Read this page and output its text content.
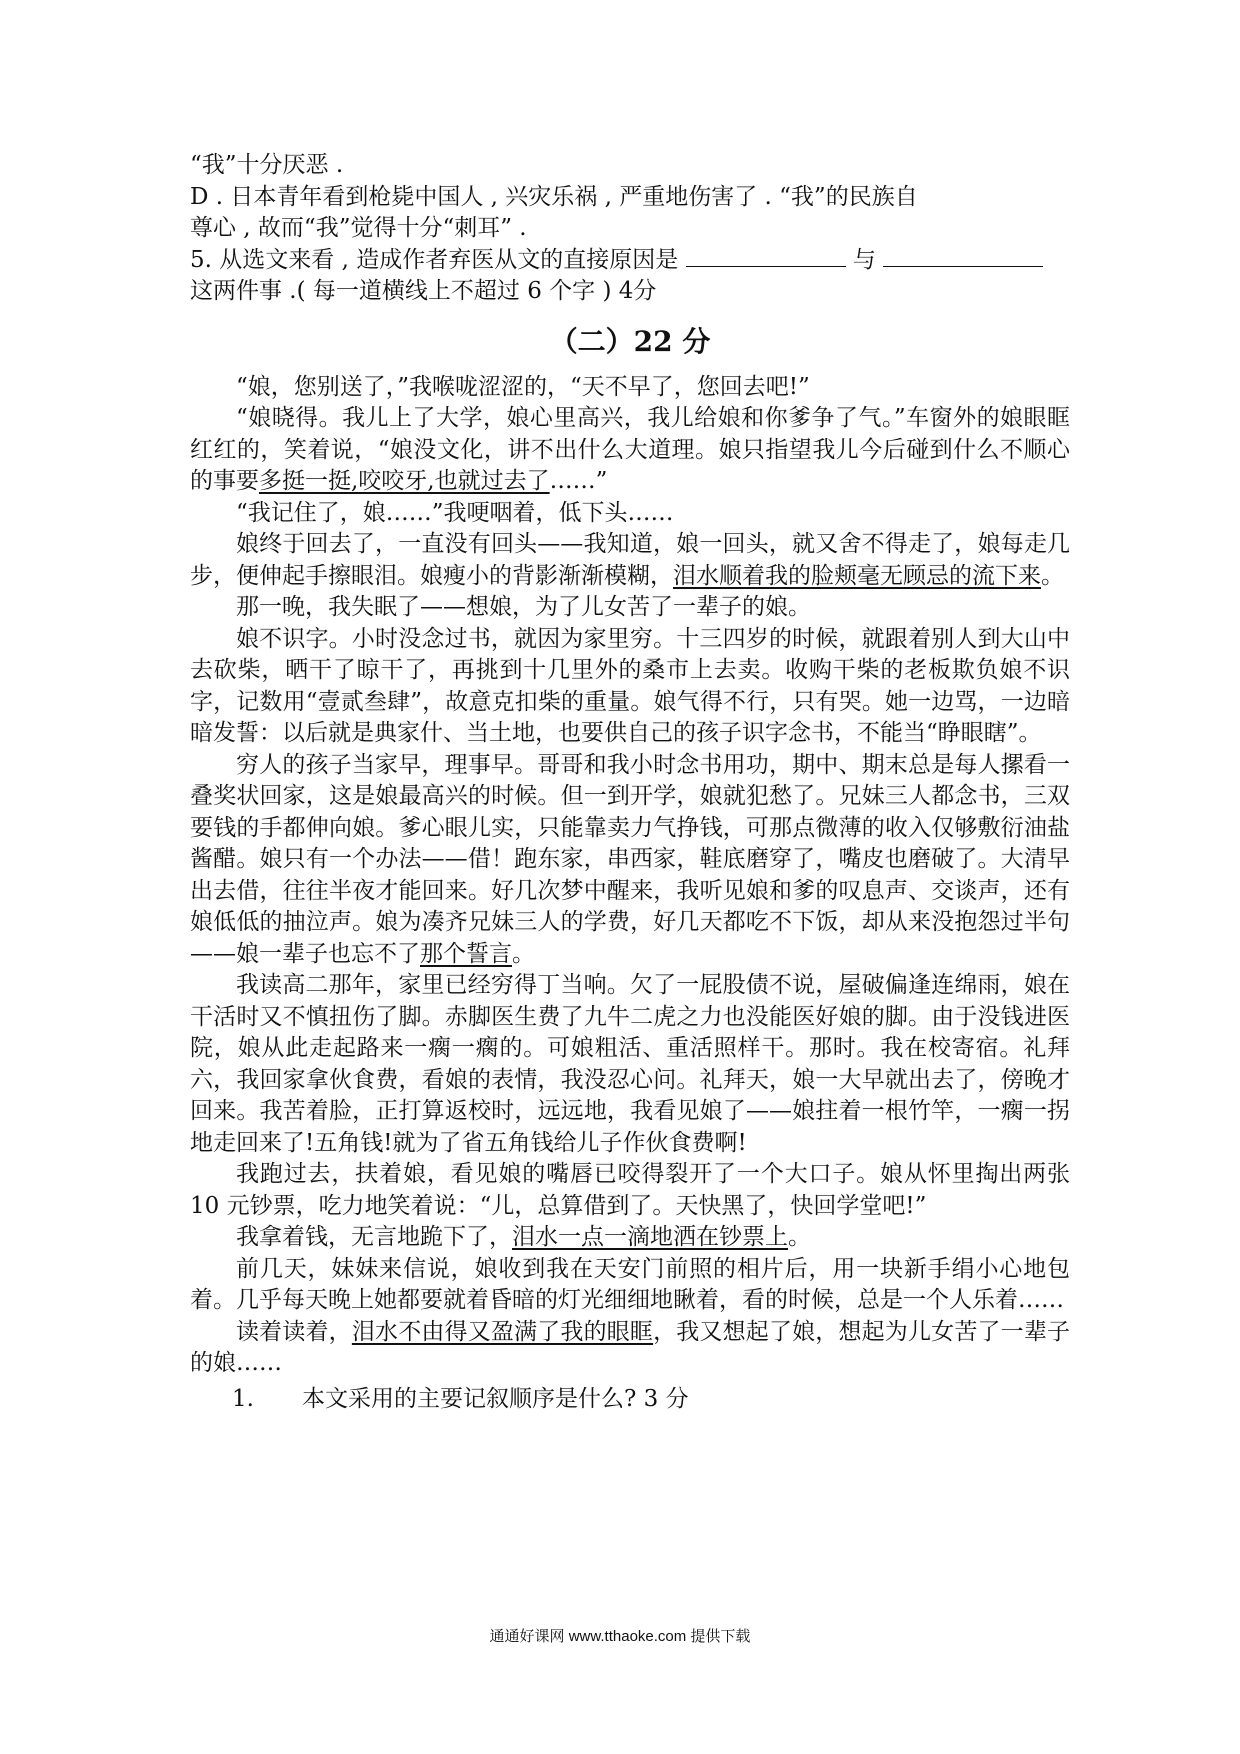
“我”十分厌恶 .
D . 日本青年看到枪毙中国人 , 兴灾乐祸 , 严重地伤害了 . “我”的民族自
尊心 , 故而“我”觉得十分“刺耳” .
5. 从选文来看 , 造成作者弃医从文的直接原因是	与
这两件事 .( 每一道横线上不超过 6 个字 ) 4分
（二）22 分

“娘，您别送了，”我喉咙涩涩的，“天不早了，您回去吧!”

“娘晓得。我儿上了大学，娘心里高兴，我儿给娘和你爹争了气。”车窗外的娘眼眶红红的，笑着说，“娘没文化，讲不出什么大道理。娘只指望我儿今后碰到什么不顺心的事要多挺一挺,咬咬牙,也就过去了……”

“我记住了，娘……”我哽咽着，低下头……

娘终于回去了，一直没有回头——我知道，娘一回头，就又舍不得走了，娘每走几步，便伸起手擦眼泪。娘瘦小的背影渐渐模糊，泪水顺着我的脸颊毫无顾忌的流下来。

那一晚，我失眠了——想娘，为了儿女苦了一辈子的娘。

娘不识字。小时没念过书，就因为家里穷。十三四岁的时候，就跟着别人到大山中去砍柴，晒干了晾干了，再挑到十几里外的桑市上去卖。收购干柴的老板欺负娘不识字，记数用“壹贰叁肆”，故意克扣柴的重量。娘气得不行，只有哭。她一边骂，一边暗暗发誓：以后就是典家什、当土地，也要供自己的孩子识字念书，不能当“睁眼瞎”。

穷人的孩子当家早，理事早。哥哥和我小时念书用功，期中、期末总是每人摞看一叠奖状回家，这是娘最高兴的时候。但一到开学，娘就犯愁了。兄妹三人都念书，三双要钱的手都伸向娘。爹心眼儿实，只能靠卖力气挣钱，可那点微薄的收入仅够敷衍油盐酱醋。娘只有一个办法——借！跑东家，串西家，鞋底磨穿了，嘴皮也磨破了。大清早出去借，往往半夜才能回来。好几次梦中醒来，我听见娘和爹的叹息声、交谈声，还有娘低低的抽泣声。娘为凑齐兄妹三人的学费，好几天都吃不下饭，却从来没抱怨过半句——娘一辈子也忘不了那个誓言。

我读高二那年，家里已经穷得丁当响。欠了一屁股债不说，屋破偏逢连绵雨，娘在干活时又不慎扭伤了脚。赤脚医生费了九牛二虎之力也没能医好娘的脚。由于没钱进医院，娘从此走起路来一瘸一瘸的。可娘粗活、重活照样干。那时。我在校寄宿。礼拜六，我回家拿伙食费，看娘的表情，我没忍心问。礼拜天，娘一大早就出去了，傍晚才回来。我苦着脸，正打算返校时，远远地，我看见娘了——娘拄着一根竹竿，一瘸一拐地走回来了!五角钱!就为了省五角钱给儿子作伙食费啊!

我跑过去，扶着娘，看见娘的嘴唇已咬得裂开了一个大口子。娘从怀里掏出两张 10 元钞票，吃力地笑着说：“儿，总算借到了。天快黑了，快回学堂吧!”

我拿着钱，无言地跪下了，泪水一点一滴地洒在钞票上。

前几天，妹妹来信说，娘收到我在天安门前照的相片后，用一块新手绢小心地包着。几乎每天晚上她都要就着昏暗的灯光细细地瞅着，看的时候，总是一个人乐着……

读着读着，泪水不由得又盈满了我的眼眶，我又想起了娘，想起为儿女苦了一辈子的娘……

1. 本文采用的主要记叙顺序是什么? 3 分
通通好课网 www.tthaoke.com 提供下载
